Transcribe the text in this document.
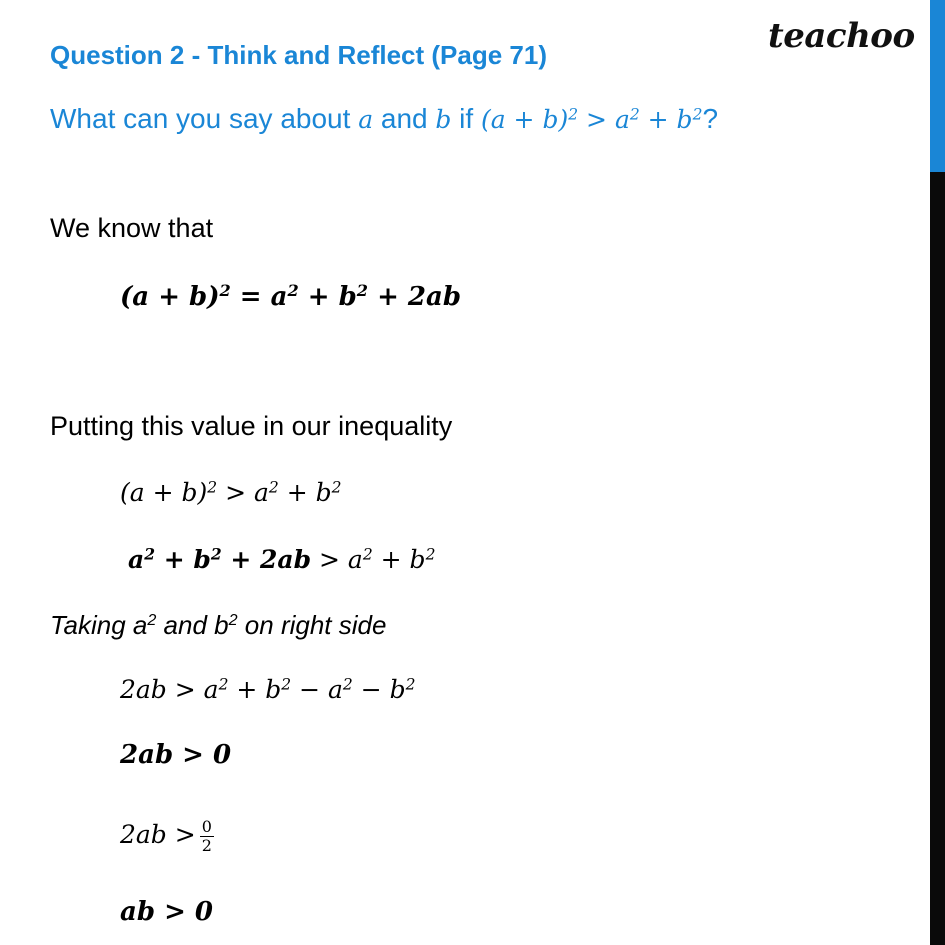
Question 2 - Think and Reflect (Page 71)	teachoo
What can you say about a and b if $(a + b)^2 > a^2 + b^2$?
We know that
$(a + b)^2 = a^2 + b^2 + 2ab$
Putting this value in our inequality
$(a + b)^2 > a^2 + b^2$
$a^2 + b^2 + 2ab > a^2 + b^2$
Taking $a^2$ and $b^2$ on right side
$2ab > a^2 + b^2 - a^2 - b^2$
2ab > 0
$2ab > \frac{0}{2}$
ab > 0
